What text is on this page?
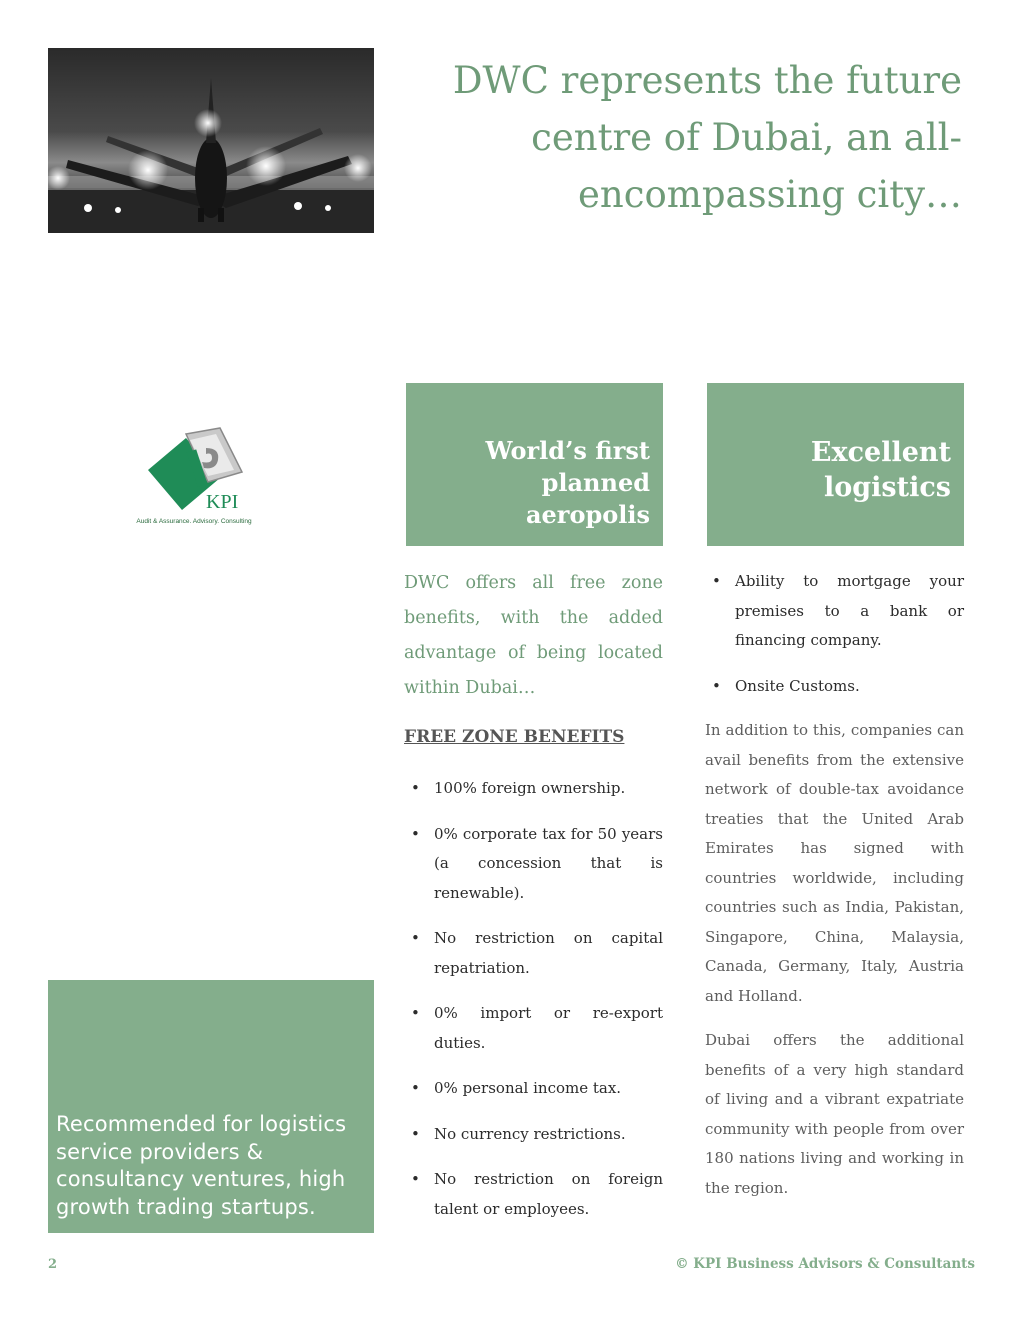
DWC represents the future centre of Dubai, an all-encompassing city…
KPI
Audit & Assurance. Advisory. Consulting

World’s first planned aeropolis

Excellent logistics

DWC offers all free zone benefits, with the added advantage of being located within Dubai…

FREE ZONE BENEFITS

• 100% foreign ownership.
• 0% corporate tax for 50 years (a concession that is renewable).
• No restriction on capital repatriation.
• 0% import or re-export duties.
• 0% personal income tax.
• No currency restrictions.
• No restriction on foreign talent or employees.
• Ability to mortgage your premises to a bank or financing company.
• Onsite Customs.

In addition to this, companies can avail benefits from the extensive network of double-tax avoidance treaties that the United Arab Emirates has signed with countries worldwide, including countries such as India, Pakistan, Singapore, China, Malaysia, Canada, Germany, Italy, Austria and Holland.

Dubai offers the additional benefits of a very high standard of living and a vibrant expatriate community with people from over 180 nations living and working in the region.

Recommended for logistics service providers & consultancy ventures, high growth trading startups.

2	© KPI Business Advisors & Consultants
